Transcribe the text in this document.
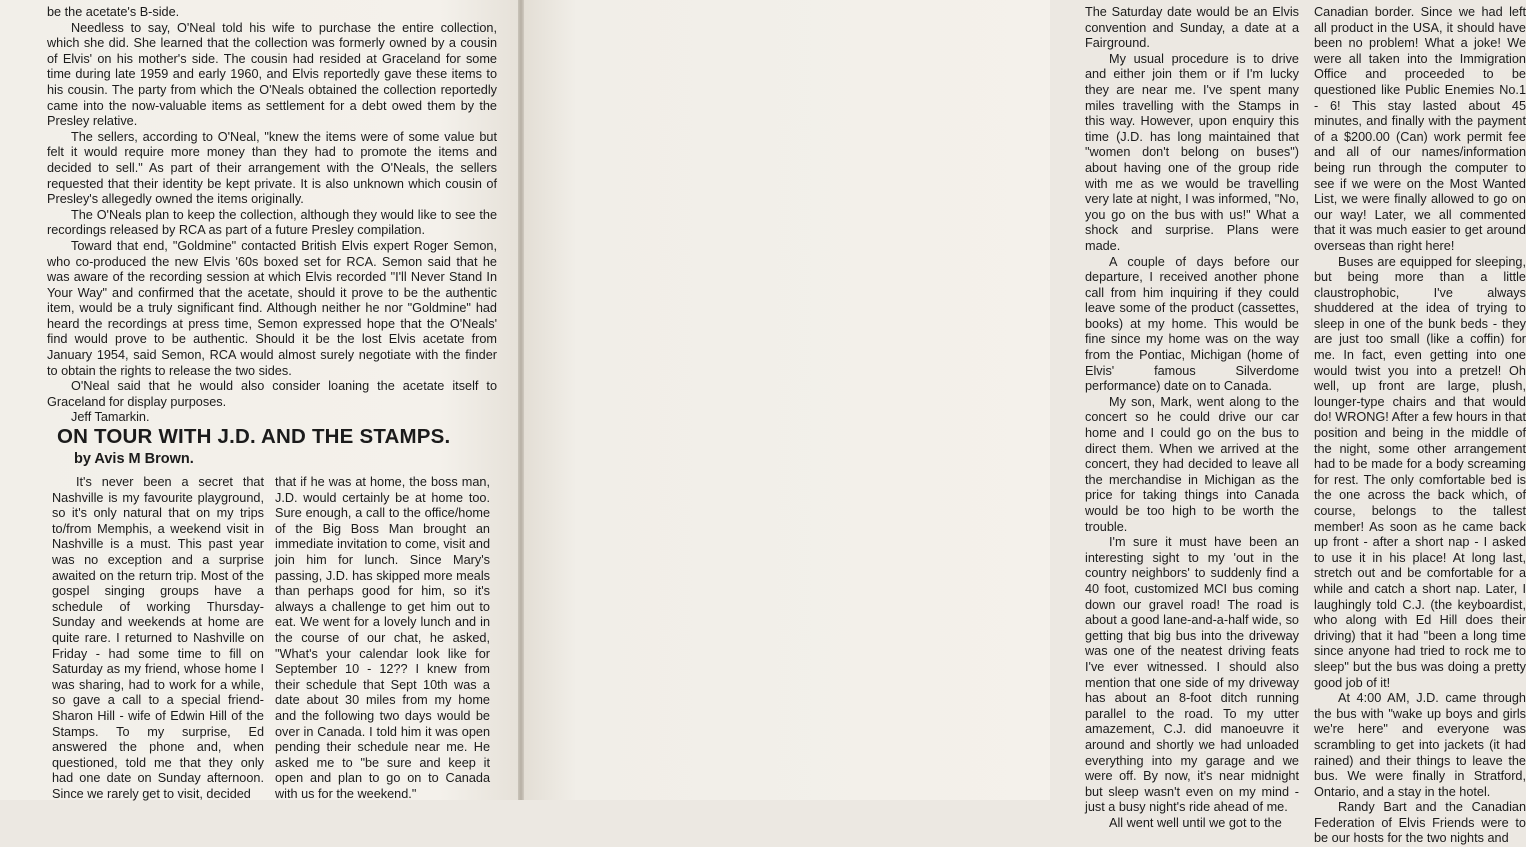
be the acetate's B-side.

Needless to say, O'Neal told his wife to purchase the entire collection, which she did. She learned that the collection was formerly owned by a cousin of Elvis' on his mother's side. The cousin had resided at Graceland for some time during late 1959 and early 1960, and Elvis reportedly gave these items to his cousin. The party from which the O'Neals obtained the collection reportedly came into the now-valuable items as settlement for a debt owed them by the Presley relative.

The sellers, according to O'Neal, "knew the items were of some value but felt it would require more money than they had to promote the items and decided to sell." As part of their arrangement with the O'Neals, the sellers requested that their identity be kept private. It is also unknown which cousin of Presley's allegedly owned the items originally.

The O'Neals plan to keep the collection, although they would like to see the recordings released by RCA as part of a future Presley compilation.

Toward that end, "Goldmine" contacted British Elvis expert Roger Semon, who co-produced the new Elvis '60s boxed set for RCA. Semon said that he was aware of the recording session at which Elvis recorded "I'll Never Stand In Your Way" and confirmed that the acetate, should it prove to be the authentic item, would be a truly significant find. Although neither he nor "Goldmine" had heard the recordings at press time, Semon expressed hope that the O'Neals' find would prove to be authentic. Should it be the lost Elvis acetate from January 1954, said Semon, RCA would almost surely negotiate with the finder to obtain the rights to release the two sides.

O'Neal said that he would also consider loaning the acetate itself to Graceland for display purposes.

Jeff Tamarkin.

ON TOUR WITH J.D. AND THE STAMPS.
by Avis M Brown.

It's never been a secret that Nashville is my favourite playground, so it's only natural that on my trips to/from Memphis, a weekend visit in Nashville is a must. This past year was no exception and a surprise awaited on the return trip. Most of the gospel singing groups have a schedule of working Thursday-Sunday and weekends at home are quite rare. I returned to Nashville on Friday - had some time to fill on Saturday as my friend, whose home I was sharing, had to work for a while, so gave a call to a special friend- Sharon Hill - wife of Edwin Hill of the Stamps. To my surprise, Ed answered the phone and, when questioned, told me that they only had one date on Sunday afternoon. Since we rarely get to visit, decided

that if he was at home, the boss man, J.D. would certainly be at home too. Sure enough, a call to the office/home of the Big Boss Man brought an immediate invitation to come, visit and join him for lunch. Since Mary's passing, J.D. has skipped more meals than perhaps good for him, so it's always a challenge to get him out to eat. We went for a lovely lunch and in the course of our chat, he asked, "What's your calendar look like for September 10 - 12?? I knew from their schedule that Sept 10th was a date about 30 miles from my home and the following two days would be over in Canada. I told him it was open pending their schedule near me. He asked me to "be sure and keep it open and plan to go on to Canada with us for the weekend."

The Saturday date would be an Elvis convention and Sunday, a date at a Fairground.

My usual procedure is to drive and either join them or if I'm lucky they are near me. I've spent many miles travelling with the Stamps in this way. However, upon enquiry this time (J.D. has long maintained that "women don't belong on buses") about having one of the group ride with me as we would be travelling very late at night, I was informed, "No, you go on the bus with us!" What a shock and surprise. Plans were made.

A couple of days before our departure, I received another phone call from him inquiring if they could leave some of the product (cassettes, books) at my home. This would be fine since my home was on the way from the Pontiac, Michigan (home of Elvis' famous Silverdome performance) date on to Canada.

My son, Mark, went along to the concert so he could drive our car home and I could go on the bus to direct them. When we arrived at the concert, they had decided to leave all the merchandise in Michigan as the price for taking things into Canada would be too high to be worth the trouble.

I'm sure it must have been an interesting sight to my 'out in the country neighbors' to suddenly find a 40 foot, customized MCI bus coming down our gravel road! The road is about a good lane-and-a-half wide, so getting that big bus into the driveway was one of the neatest driving feats I've ever witnessed. I should also mention that one side of my driveway has about an 8-foot ditch running parallel to the road. To my utter amazement, C.J. did manoeuvre it around and shortly we had unloaded everything into my garage and we were off. By now, it's near midnight but sleep wasn't even on my mind - just a busy night's ride ahead of me.

All went well until we got to the

Canadian border. Since we had left all product in the USA, it should have been no problem! What a joke! We were all taken into the Immigration Office and proceeded to be questioned like Public Enemies No.1 - 6! This stay lasted about 45 minutes, and finally with the payment of a $200.00 (Can) work permit fee and all of our names/information being run through the computer to see if we were on the Most Wanted List, we were finally allowed to go on our way! Later, we all commented that it was much easier to get around overseas than right here!

Buses are equipped for sleeping, but being more than a little claustrophobic, I've always shuddered at the idea of trying to sleep in one of the bunk beds - they are just too small (like a coffin) for me. In fact, even getting into one would twist you into a pretzel! Oh well, up front are large, plush, lounger-type chairs and that would do! WRONG! After a few hours in that position and being in the middle of the night, some other arrangement had to be made for a body screaming for rest. The only comfortable bed is the one across the back which, of course, belongs to the tallest member! As soon as he came back up front - after a short nap - I asked to use it in his place! At long last, stretch out and be comfortable for a while and catch a short nap. Later, I laughingly told C.J. (the keyboardist, who along with Ed Hill does their driving) that it had "been a long time since anyone had tried to rock me to sleep" but the bus was doing a pretty good job of it!

At 4:00 AM, J.D. came through the bus with "wake up boys and girls we're here" and everyone was scrambling to get into jackets (it had rained) and their things to leave the bus. We were finally in Stratford, Ontario, and a stay in the hotel.

Randy Bart and the Canadian Federation of Elvis Friends were to be our hosts for the two nights and
